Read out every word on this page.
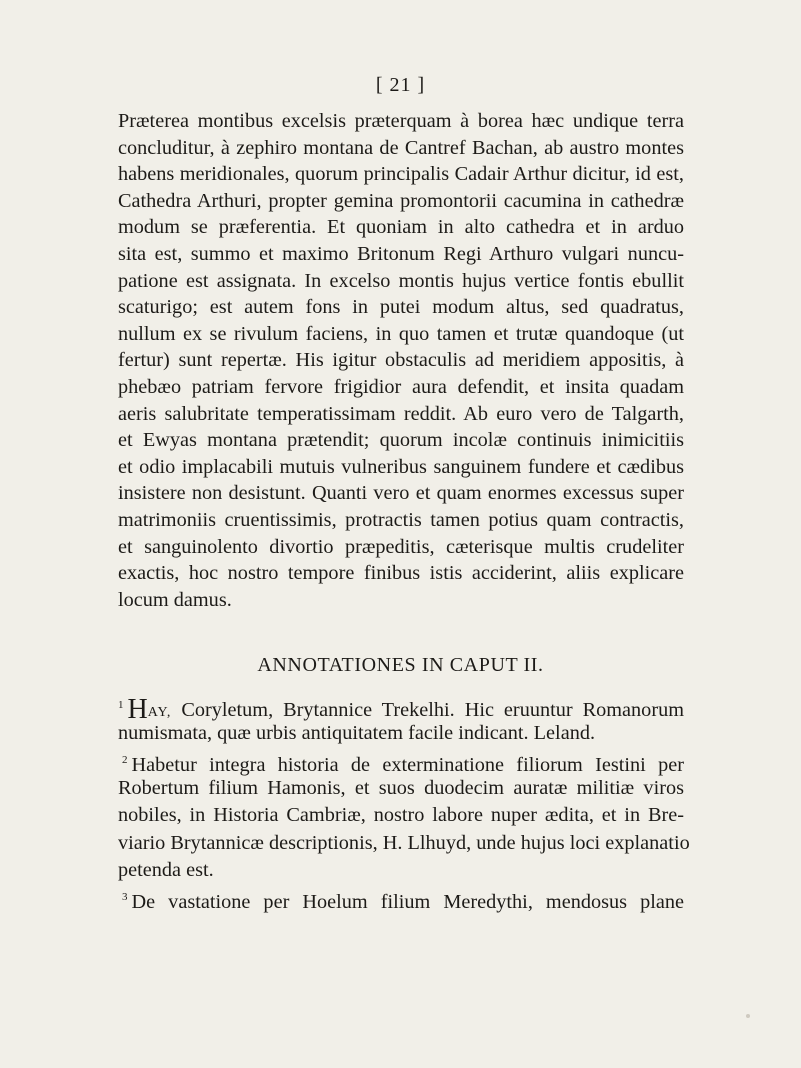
[ 21 ]
Præterea montibus excelsis præterquam à borea hæc undique terra
concluditur, à zephiro montana de Cantref Bachan, ab austro montes
habens meridionales, quorum principalis Cadair Arthur dicitur, id est,
Cathedra Arthuri, propter gemina promontorii cacumina in cathedræ
modum se præferentia. Et quoniam in alto cathedra et in arduo
sita est, summo et maximo Britonum Regi Arthuro vulgari nuncu-
patione est assignata. In excelso montis hujus vertice fontis ebullit
scaturigo; est autem fons in putei modum altus, sed quadratus,
nullum ex se rivulum faciens, in quo tamen et trutæ quandoque (ut
fertur) sunt repertæ. His igitur obstaculis ad meridiem appositis, à
phebæo patriam fervore frigidior aura defendit, et insita quadam
aeris salubritate temperatissimam reddit. Ab euro vero de Talgarth,
et Ewyas montana prætendit; quorum incolæ continuis inimicitiis
et odio implacabili mutuis vulneribus sanguinem fundere et cædibus
insistere non desistunt. Quanti vero et quam enormes excessus super
matrimoniis cruentissimis, protractis tamen potius quam contractis,
et sanguinolento divortio præpeditis, cæterisque multis crudeliter
exactis, hoc nostro tempore finibus istis acciderint, aliis explicare
locum damus.
ANNOTATIONES IN CAPUT II.
$^1$ HAY, Coryletum, Brytannice Trekelhi. Hic eruuntur Romanorum
numismata, quæ urbis antiquitatem facile indicant. Leland.
$^2$ Habetur integra historia de exterminatione filiorum Iestini per
Robertum filium Hamonis, et suos duodecim auratæ militiæ viros
nobiles, in Historia Cambriæ, nostro labore nuper ædita, et in Bre-
viario Brytannicæ descriptionis, H. Llhuyd, unde hujus loci explanatio
petenda est.
$^3$ De vastatione per Hoelum filium Meredythi, mendosus plane
